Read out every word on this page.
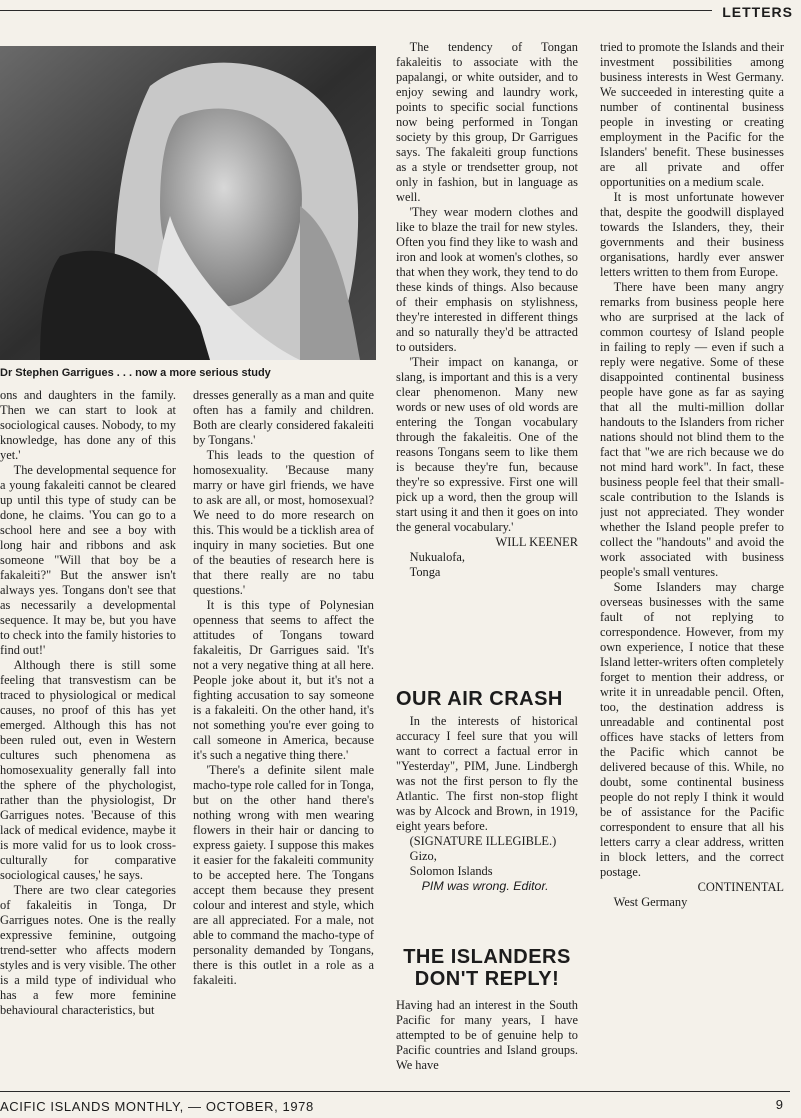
LETTERS
Dr Stephen Garrigues . . . now a more serious study

ons and daughters in the family. Then we can start to look at sociological causes. Nobody, to my knowledge, has done any of this yet.'

The developmental sequence for a young fakaleiti cannot be cleared up until this type of study can be done, he claims. 'You can go to a school here and see a boy with long hair and ribbons and ask someone "Will that boy be a fakaleiti?" But the answer isn't always yes. Tongans don't see that as necessarily a developmental sequence. It may be, but you have to check into the family histories to find out!'

Although there is still some feeling that transvestism can be traced to physiological or medical causes, no proof of this has yet emerged. Although this has not been ruled out, even in Western cultures such phenomena as homosexuality generally fall into the sphere of the phychologist, rather than the physiologist, Dr Garrigues notes. 'Because of this lack of medical evidence, maybe it is more valid for us to look cross-culturally for comparative sociological causes,' he says.

There are two clear categories of fakaleitis in Tonga, Dr Garrigues notes. One is the really expressive feminine, outgoing trend-setter who affects modern styles and is very visible. The other is a mild type of individual who has a few more feminine behavioural characteristics, but

dresses generally as a man and quite often has a family and children. Both are clearly considered fakaleiti by Tongans.'

This leads to the question of homosexuality. 'Because many marry or have girl friends, we have to ask are all, or most, homosexual? We need to do more research on this. This would be a ticklish area of inquiry in many societies. But one of the beauties of research here is that there really are no tabu questions.'

It is this type of Polynesian openness that seems to affect the attitudes of Tongans toward fakaleitis, Dr Garrigues said. 'It's not a very negative thing at all here. People joke about it, but it's not a fighting accusation to say someone is a fakaleiti. On the other hand, it's not something you're ever going to call someone in America, because it's such a negative thing there.'

'There's a definite silent male macho-type role called for in Tonga, but on the other hand there's nothing wrong with men wearing flowers in their hair or dancing to express gaiety. I suppose this makes it easier for the fakaleiti community to be accepted here. The Tongans accept them because they present colour and interest and style, which are all appreciated. For a male, not able to command the macho-type of personality demanded by Tongans, there is this outlet in a role as a fakaleiti.

The tendency of Tongan fakaleitis to associate with the papalangi, or white outsider, and to enjoy sewing and laundry work, points to specific social functions now being performed in Tongan society by this group, Dr Garrigues says. The fakaleiti group functions as a style or trendsetter group, not only in fashion, but in language as well.

'They wear modern clothes and like to blaze the trail for new styles. Often you find they like to wash and iron and look at women's clothes, so that when they work, they tend to do these kinds of things. Also because of their emphasis on stylishness, they're interested in different things and so naturally they'd be attracted to outsiders.

'Their impact on kananga, or slang, is important and this is a very clear phenomenon. Many new words or new uses of old words are entering the Tongan vocabulary through the fakaleitis. One of the reasons Tongans seem to like them is because they're fun, because they're so expressive. First one will pick up a word, then the group will start using it and then it goes on into the general vocabulary.'

WILL KEENER

Nukualofa,

Tonga

OUR AIR CRASH

In the interests of historical accuracy I feel sure that you will want to correct a factual error in "Yesterday", PIM, June. Lindbergh was not the first person to fly the Atlantic. The first non-stop flight was by Alcock and Brown, in 1919, eight years before.

(SIGNATURE ILLEGIBLE.)

Gizo,

Solomon Islands

PIM was wrong. Editor.

THE ISLANDERS DON'T REPLY!

Having had an interest in the South Pacific for many years, I have attempted to be of genuine help to Pacific countries and Island groups. We have

tried to promote the Islands and their investment possibilities among business interests in West Germany. We succeeded in interesting quite a number of continental business people in investing or creating employment in the Pacific for the Islanders' benefit. These businesses are all private and offer opportunities on a medium scale.

It is most unfortunate however that, despite the goodwill displayed towards the Islanders, they, their governments and their business organisations, hardly ever answer letters written to them from Europe.

There have been many angry remarks from business people here who are surprised at the lack of common courtesy of Island people in failing to reply — even if such a reply were negative. Some of these disappointed continental business people have gone as far as saying that all the multi-million dollar handouts to the Islanders from richer nations should not blind them to the fact that "we are rich because we do not mind hard work". In fact, these business people feel that their small-scale contribution to the Islands is just not appreciated. They wonder whether the Island people prefer to collect the "handouts" and avoid the work associated with business people's small ventures.

Some Islanders may charge overseas businesses with the same fault of not replying to correspondence. However, from my own experience, I notice that these Island letter-writers often completely forget to mention their address, or write it in unreadable pencil. Often, too, the destination address is unreadable and continental post offices have stacks of letters from the Pacific which cannot be delivered because of this. While, no doubt, some continental business people do not reply I think it would be of assistance for the Pacific correspondent to ensure that all his letters carry a clear address, written in block letters, and the correct postage.

CONTINENTAL

West Germany

ACIFIC ISLANDS MONTHLY, — OCTOBER, 1978	9
